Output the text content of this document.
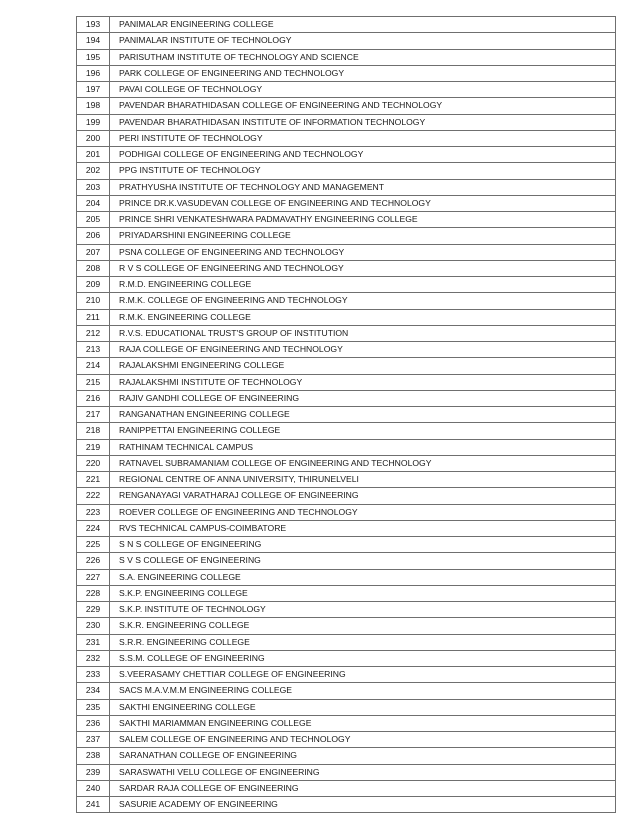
193	PANIMALAR ENGINEERING COLLEGE
194	PANIMALAR INSTITUTE OF TECHNOLOGY
195	PARISUTHAM INSTITUTE OF TECHNOLOGY AND SCIENCE
196	PARK COLLEGE OF ENGINEERING AND TECHNOLOGY
197	PAVAI COLLEGE OF TECHNOLOGY
198	PAVENDAR BHARATHIDASAN COLLEGE OF ENGINEERING AND TECHNOLOGY
199	PAVENDAR BHARATHIDASAN INSTITUTE OF INFORMATION TECHNOLOGY
200	PERI INSTITUTE OF TECHNOLOGY
201	PODHIGAI COLLEGE OF ENGINEERING AND TECHNOLOGY
202	PPG INSTITUTE OF TECHNOLOGY
203	PRATHYUSHA INSTITUTE OF TECHNOLOGY AND MANAGEMENT
204	PRINCE DR.K.VASUDEVAN COLLEGE OF ENGINEERING AND TECHNOLOGY
205	PRINCE SHRI VENKATESHWARA PADMAVATHY ENGINEERING COLLEGE
206	PRIYADARSHINI ENGINEERING COLLEGE
207	PSNA COLLEGE OF ENGINEERING AND TECHNOLOGY
208	R V S COLLEGE OF ENGINEERING AND TECHNOLOGY
209	R.M.D. ENGINEERING COLLEGE
210	R.M.K. COLLEGE OF ENGINEERING AND TECHNOLOGY
211	R.M.K. ENGINEERING COLLEGE
212	R.V.S. EDUCATIONAL TRUST'S GROUP OF INSTITUTION
213	RAJA COLLEGE OF ENGINEERING AND TECHNOLOGY
214	RAJALAKSHMI ENGINEERING COLLEGE
215	RAJALAKSHMI INSTITUTE OF TECHNOLOGY
216	RAJIV GANDHI COLLEGE OF ENGINEERING
217	RANGANATHAN ENGINEERING COLLEGE
218	RANIPPETTAI ENGINEERING COLLEGE
219	RATHINAM TECHNICAL CAMPUS
220	RATNAVEL SUBRAMANIAM COLLEGE OF ENGINEERING AND TECHNOLOGY
221	REGIONAL CENTRE OF ANNA UNIVERSITY, THIRUNELVELI
222	RENGANAYAGI VARATHARAJ COLLEGE OF ENGINEERING
223	ROEVER COLLEGE OF ENGINEERING AND TECHNOLOGY
224	RVS TECHNICAL CAMPUS-COIMBATORE
225	S N S COLLEGE OF ENGINEERING
226	S V S COLLEGE OF ENGINEERING
227	S.A. ENGINEERING COLLEGE
228	S.K.P. ENGINEERING COLLEGE
229	S.K.P. INSTITUTE OF TECHNOLOGY
230	S.K.R. ENGINEERING COLLEGE
231	S.R.R. ENGINEERING COLLEGE
232	S.S.M. COLLEGE OF ENGINEERING
233	S.VEERASAMY CHETTIAR COLLEGE OF ENGINEERING
234	SACS M.A.V.M.M ENGINEERING COLLEGE
235	SAKTHI ENGINEERING COLLEGE
236	SAKTHI MARIAMMAN ENGINEERING COLLEGE
237	SALEM COLLEGE OF ENGINEERING AND TECHNOLOGY
238	SARANATHAN COLLEGE OF ENGINEERING
239	SARASWATHI VELU COLLEGE OF ENGINEERING
240	SARDAR RAJA COLLEGE OF ENGINEERING
241	SASURIE ACADEMY OF ENGINEERING
